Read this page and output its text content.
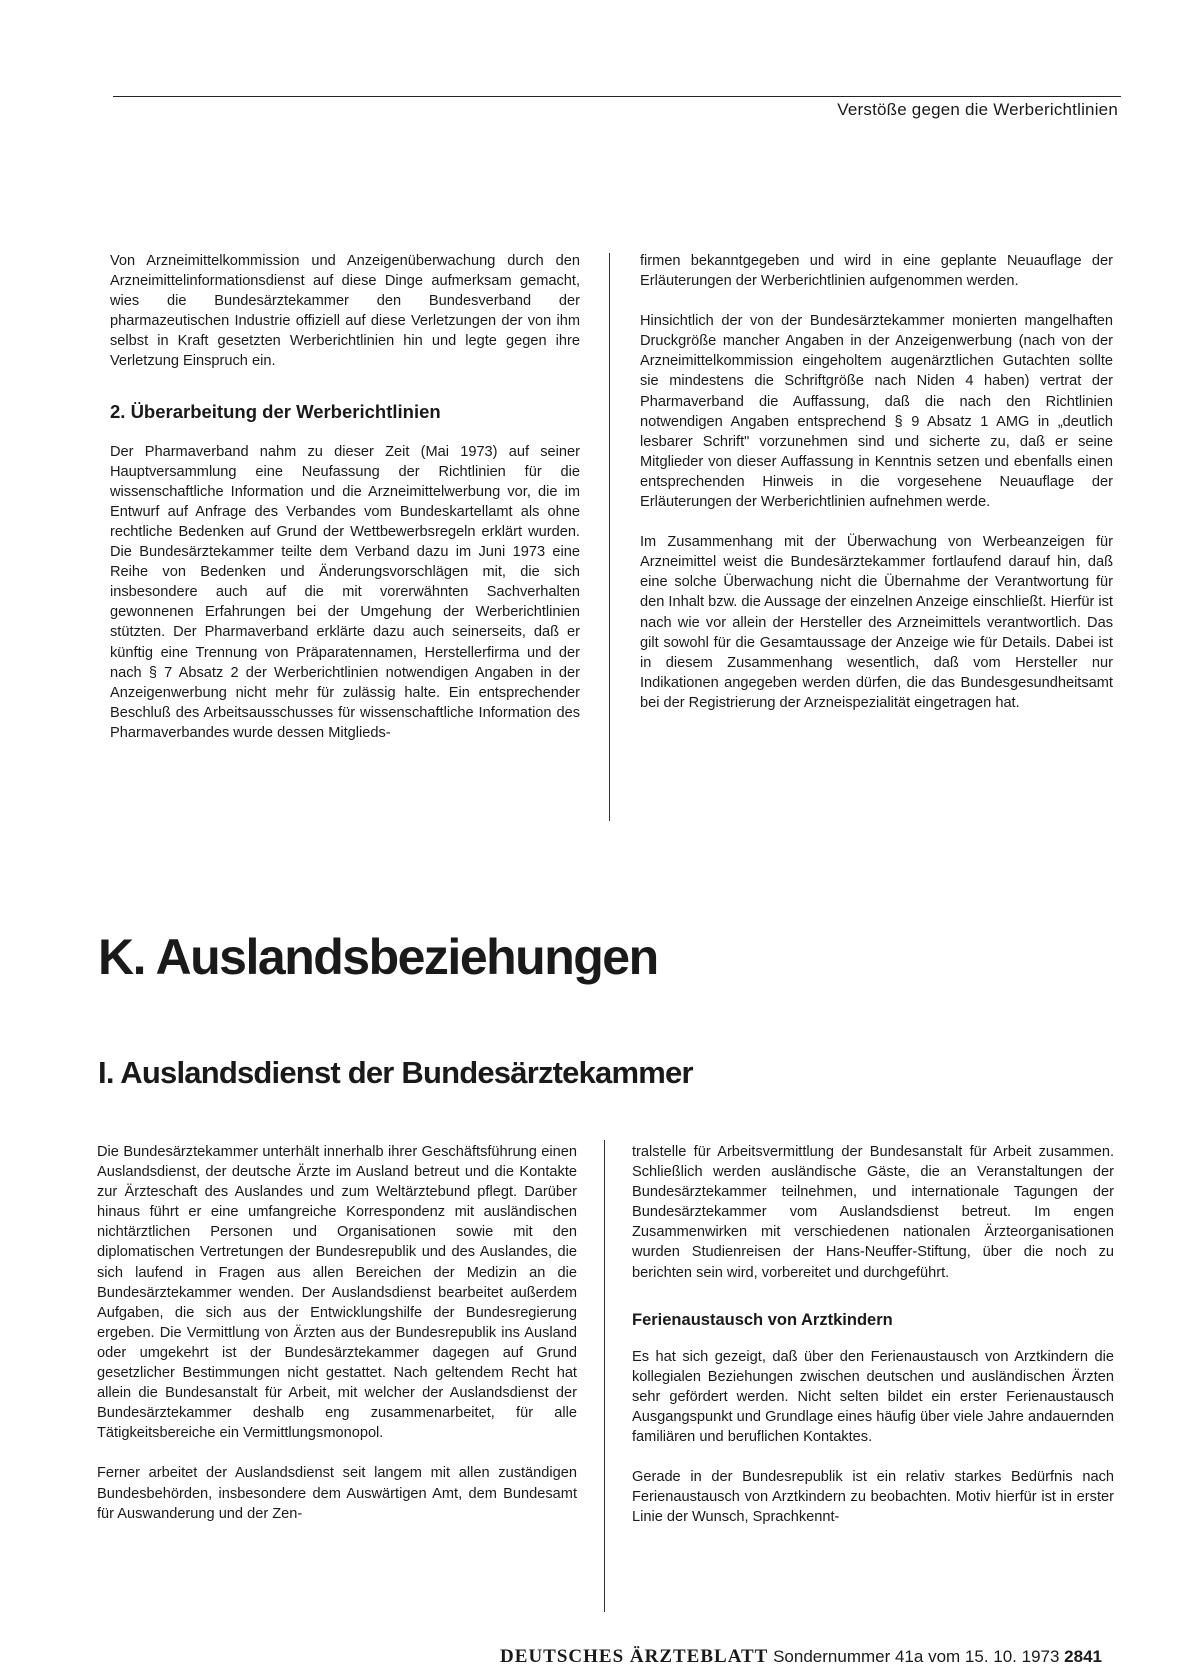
Verstöße gegen die Werberichtlinien

Von Arzneimittelkommission und Anzeigenüberwachung durch den Arzneimittelinformationsdienst auf diese Dinge aufmerksam gemacht, wies die Bundesärztekammer den Bundesverband der pharmazeutischen Industrie offiziell auf diese Verletzungen der von ihm selbst in Kraft gesetzten Werberichtlinien hin und legte gegen ihre Verletzung Einspruch ein.

2. Überarbeitung der Werberichtlinien

Der Pharmaverband nahm zu dieser Zeit (Mai 1973) auf seiner Hauptversammlung eine Neufassung der Richtlinien für die wissenschaftliche Information und die Arzneimittelwerbung vor, die im Entwurf auf Anfrage des Verbandes vom Bundeskartellamt als ohne rechtliche Bedenken auf Grund der Wettbewerbsregeln erklärt wurden. Die Bundesärztekammer teilte dem Verband dazu im Juni 1973 eine Reihe von Bedenken und Änderungsvorschlägen mit, die sich insbesondere auch auf die mit vorerwähnten Sachverhalten gewonnenen Erfahrungen bei der Umgehung der Werberichtlinien stützten. Der Pharmaverband erklärte dazu auch seinerseits, daß er künftig eine Trennung von Präparatennamen, Herstellerfirma und der nach § 7 Absatz 2 der Werberichtlinien notwendigen Angaben in der Anzeigenwerbung nicht mehr für zulässig halte. Ein entsprechender Beschluß des Arbeitsausschusses für wissenschaftliche Information des Pharmaverbandes wurde dessen Mitglieds-

firmen bekanntgegeben und wird in eine geplante Neuauflage der Erläuterungen der Werberichtlinien aufgenommen werden.

Hinsichtlich der von der Bundesärztekammer monierten mangelhaften Druckgröße mancher Angaben in der Anzeigenwerbung (nach von der Arzneimittelkommission eingeholtem augenärztlichen Gutachten sollte sie mindestens die Schriftgröße nach Niden 4 haben) vertrat der Pharmaverband die Auffassung, daß die nach den Richtlinien notwendigen Angaben entsprechend § 9 Absatz 1 AMG in „deutlich lesbarer Schrift" vorzunehmen sind und sicherte zu, daß er seine Mitglieder von dieser Auffassung in Kenntnis setzen und ebenfalls einen entsprechenden Hinweis in die vorgesehene Neuauflage der Erläuterungen der Werberichtlinien aufnehmen werde.

Im Zusammenhang mit der Überwachung von Werbeanzeigen für Arzneimittel weist die Bundesärztekammer fortlaufend darauf hin, daß eine solche Überwachung nicht die Übernahme der Verantwortung für den Inhalt bzw. die Aussage der einzelnen Anzeige einschließt. Hierfür ist nach wie vor allein der Hersteller des Arzneimittels verantwortlich. Das gilt sowohl für die Gesamtaussage der Anzeige wie für Details. Dabei ist in diesem Zusammenhang wesentlich, daß vom Hersteller nur Indikationen angegeben werden dürfen, die das Bundesgesundheitsamt bei der Registrierung der Arzneispezialität eingetragen hat.

K. Auslandsbeziehungen
I. Auslandsdienst der Bundesärztekammer

Die Bundesärztekammer unterhält innerhalb ihrer Geschäftsführung einen Auslandsdienst, der deutsche Ärzte im Ausland betreut und die Kontakte zur Ärzteschaft des Auslandes und zum Weltärztebund pflegt. Darüber hinaus führt er eine umfangreiche Korrespondenz mit ausländischen nichtärztlichen Personen und Organisationen sowie mit den diplomatischen Vertretungen der Bundesrepublik und des Auslandes, die sich laufend in Fragen aus allen Bereichen der Medizin an die Bundesärztekammer wenden. Der Auslandsdienst bearbeitet außerdem Aufgaben, die sich aus der Entwicklungshilfe der Bundesregierung ergeben. Die Vermittlung von Ärzten aus der Bundesrepublik ins Ausland oder umgekehrt ist der Bundesärztekammer dagegen auf Grund gesetzlicher Bestimmungen nicht gestattet. Nach geltendem Recht hat allein die Bundesanstalt für Arbeit, mit welcher der Auslandsdienst der Bundesärztekammer deshalb eng zusammenarbeitet, für alle Tätigkeitsbereiche ein Vermittlungsmonopol.

Ferner arbeitet der Auslandsdienst seit langem mit allen zuständigen Bundesbehörden, insbesondere dem Auswärtigen Amt, dem Bundesamt für Auswanderung und der Zen-

tralstelle für Arbeitsvermittlung der Bundesanstalt für Arbeit zusammen. Schließlich werden ausländische Gäste, die an Veranstaltungen der Bundesärztekammer teilnehmen, und internationale Tagungen der Bundesärztekammer vom Auslandsdienst betreut. Im engen Zusammenwirken mit verschiedenen nationalen Ärzteorganisationen wurden Studienreisen der Hans-Neuffer-Stiftung, über die noch zu berichten sein wird, vorbereitet und durchgeführt.

Ferienaustausch von Arztkindern

Es hat sich gezeigt, daß über den Ferienaustausch von Arztkindern die kollegialen Beziehungen zwischen deutschen und ausländischen Ärzten sehr gefördert werden. Nicht selten bildet ein erster Ferienaustausch Ausgangspunkt und Grundlage eines häufig über viele Jahre andauernden familiären und beruflichen Kontaktes.

Gerade in der Bundesrepublik ist ein relativ starkes Bedürfnis nach Ferienaustausch von Arztkindern zu beobachten. Motiv hierfür ist in erster Linie der Wunsch, Sprachkennt-

DEUTSCHES ÄRZTEBLATT Sondernummer 41a vom 15. 10. 1973 2841
